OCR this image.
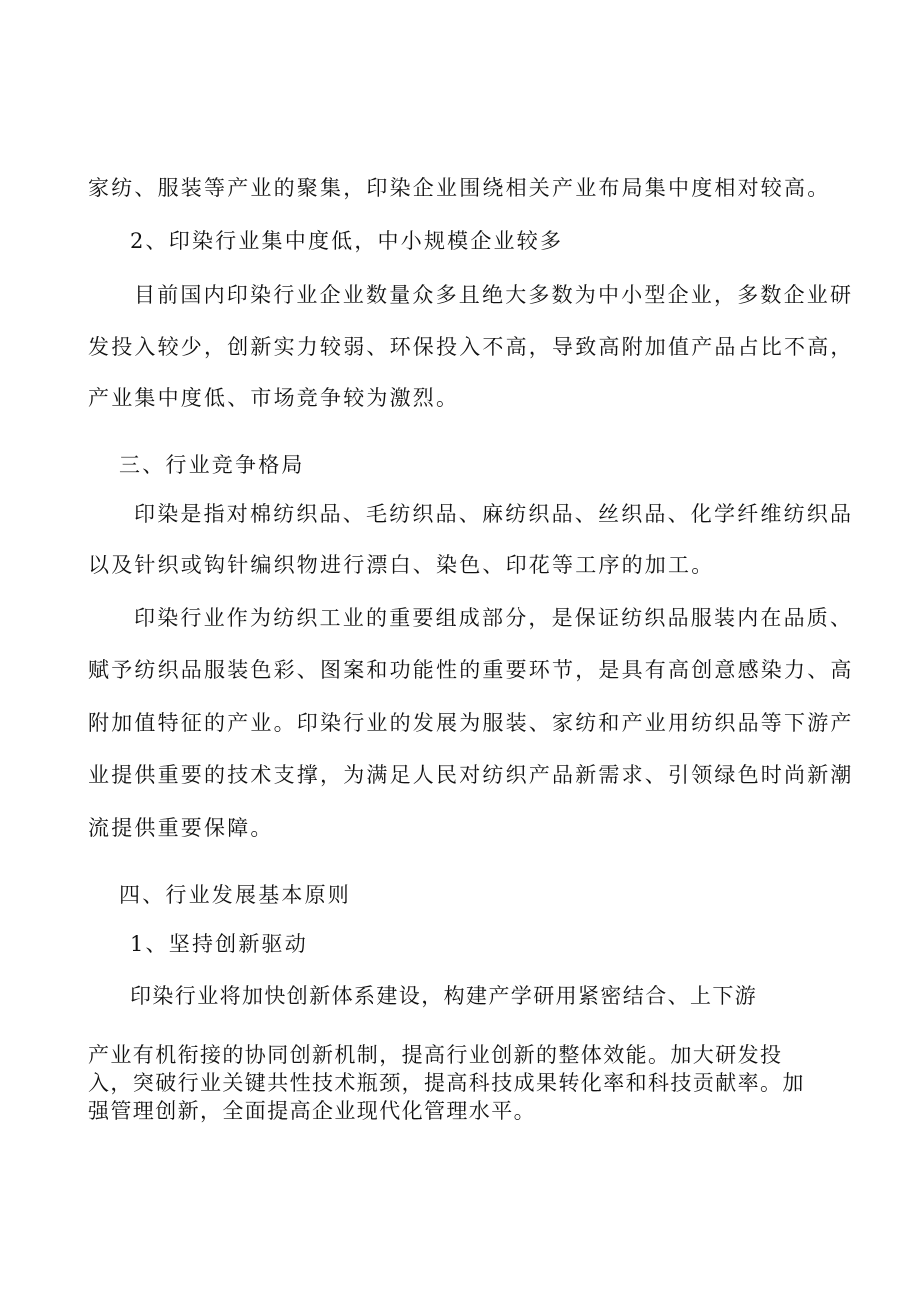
家纺、服装等产业的聚集，印染企业围绕相关产业布局集中度相对较高。
2、印染行业集中度低，中小规模企业较多
目前国内印染行业企业数量众多且绝大多数为中小型企业，多数企业研
发投入较少，创新实力较弱、环保投入不高，导致高附加值产品占比不高，
产业集中度低、市场竞争较为激烈。
三、行业竞争格局
印染是指对棉纺织品、毛纺织品、麻纺织品、丝织品、化学纤维纺织品
以及针织或钩针编织物进行漂白、染色、印花等工序的加工。
印染行业作为纺织工业的重要组成部分，是保证纺织品服装内在品质、
赋予纺织品服装色彩、图案和功能性的重要环节，是具有高创意感染力、高
附加值特征的产业。印染行业的发展为服装、家纺和产业用纺织品等下游产
业提供重要的技术支撑，为满足人民对纺织产品新需求、引领绿色时尚新潮
流提供重要保障。
四、行业发展基本原则
1、坚持创新驱动
印染行业将加快创新体系建设，构建产学研用紧密结合、上下游
产业有机衔接的协同创新机制，提高行业创新的整体效能。加大研发投
入，突破行业关键共性技术瓶颈，提高科技成果转化率和科技贡献率。加
强管理创新，全面提高企业现代化管理水平。
